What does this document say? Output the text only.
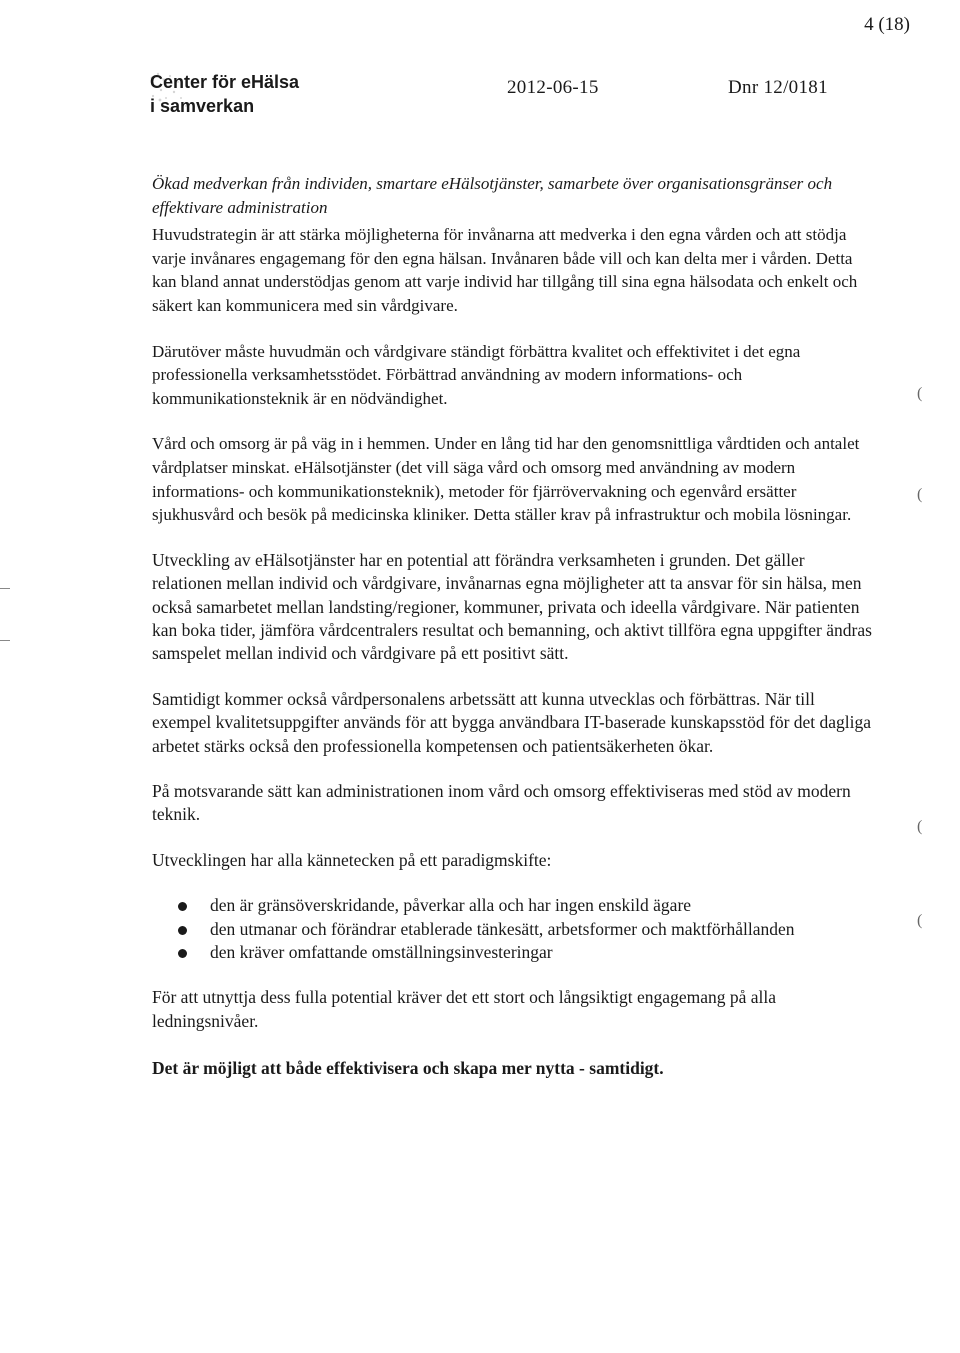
4 (18)
Center för eHälsa
i samverkan
2012-06-15	Dnr 12/0181
(
(
(
(

Ökad medverkan från individen, smartare eHälsotjänster, samarbete över organisationsgränser och effektivare administration

Huvudstrategin är att stärka möjligheterna för invånarna att medverka i den egna vården och att stödja varje invånares engagemang för den egna hälsan. Invånaren både vill och kan delta mer i vården. Detta kan bland annat understödjas genom att varje individ har tillgång till sina egna hälsodata och enkelt och säkert kan kommunicera med sin vårdgivare.

Därutöver måste huvudmän och vårdgivare ständigt förbättra kvalitet och effektivitet i det egna professionella verksamhetsstödet. Förbättrad användning av modern informations- och kommunikationsteknik är en nödvändighet.

Vård och omsorg är på väg in i hemmen. Under en lång tid har den genomsnittliga vårdtiden och antalet vårdplatser minskat. eHälsotjänster (det vill säga vård och omsorg med användning av modern informations- och kommunikationsteknik), metoder för fjärrövervakning och egenvård ersätter sjukhusvård och besök på medicinska kliniker. Detta ställer krav på infrastruktur och mobila lösningar.

Utveckling av eHälsotjänster har en potential att förändra verksamheten i grunden. Det gäller relationen mellan individ och vårdgivare, invånarnas egna möjligheter att ta ansvar för sin hälsa, men också samarbetet mellan landsting/regioner, kommuner, privata och ideella vårdgivare. När patienten kan boka tider, jämföra vårdcentralers resultat och bemanning, och aktivt tillföra egna uppgifter ändras samspelet mellan individ och vårdgivare på ett positivt sätt.

Samtidigt kommer också vårdpersonalens arbetssätt att kunna utvecklas och förbättras. När till exempel kvalitetsuppgifter används för att bygga användbara IT-baserade kunskapsstöd för det dagliga arbetet stärks också den professionella kompetensen och patientsäkerheten ökar.

På motsvarande sätt kan administrationen inom vård och omsorg effektiviseras med stöd av modern teknik.

Utvecklingen har alla kännetecken på ett paradigmskifte:

den är gränsöverskridande, påverkar alla och har ingen enskild ägare
den utmanar och förändrar etablerade tänkesätt, arbetsformer och maktförhållanden
den kräver omfattande omställningsinvesteringar

För att utnyttja dess fulla potential kräver det ett stort och långsiktigt engagemang på alla ledningsnivåer.

Det är möjligt att både effektivisera och skapa mer nytta - samtidigt.
